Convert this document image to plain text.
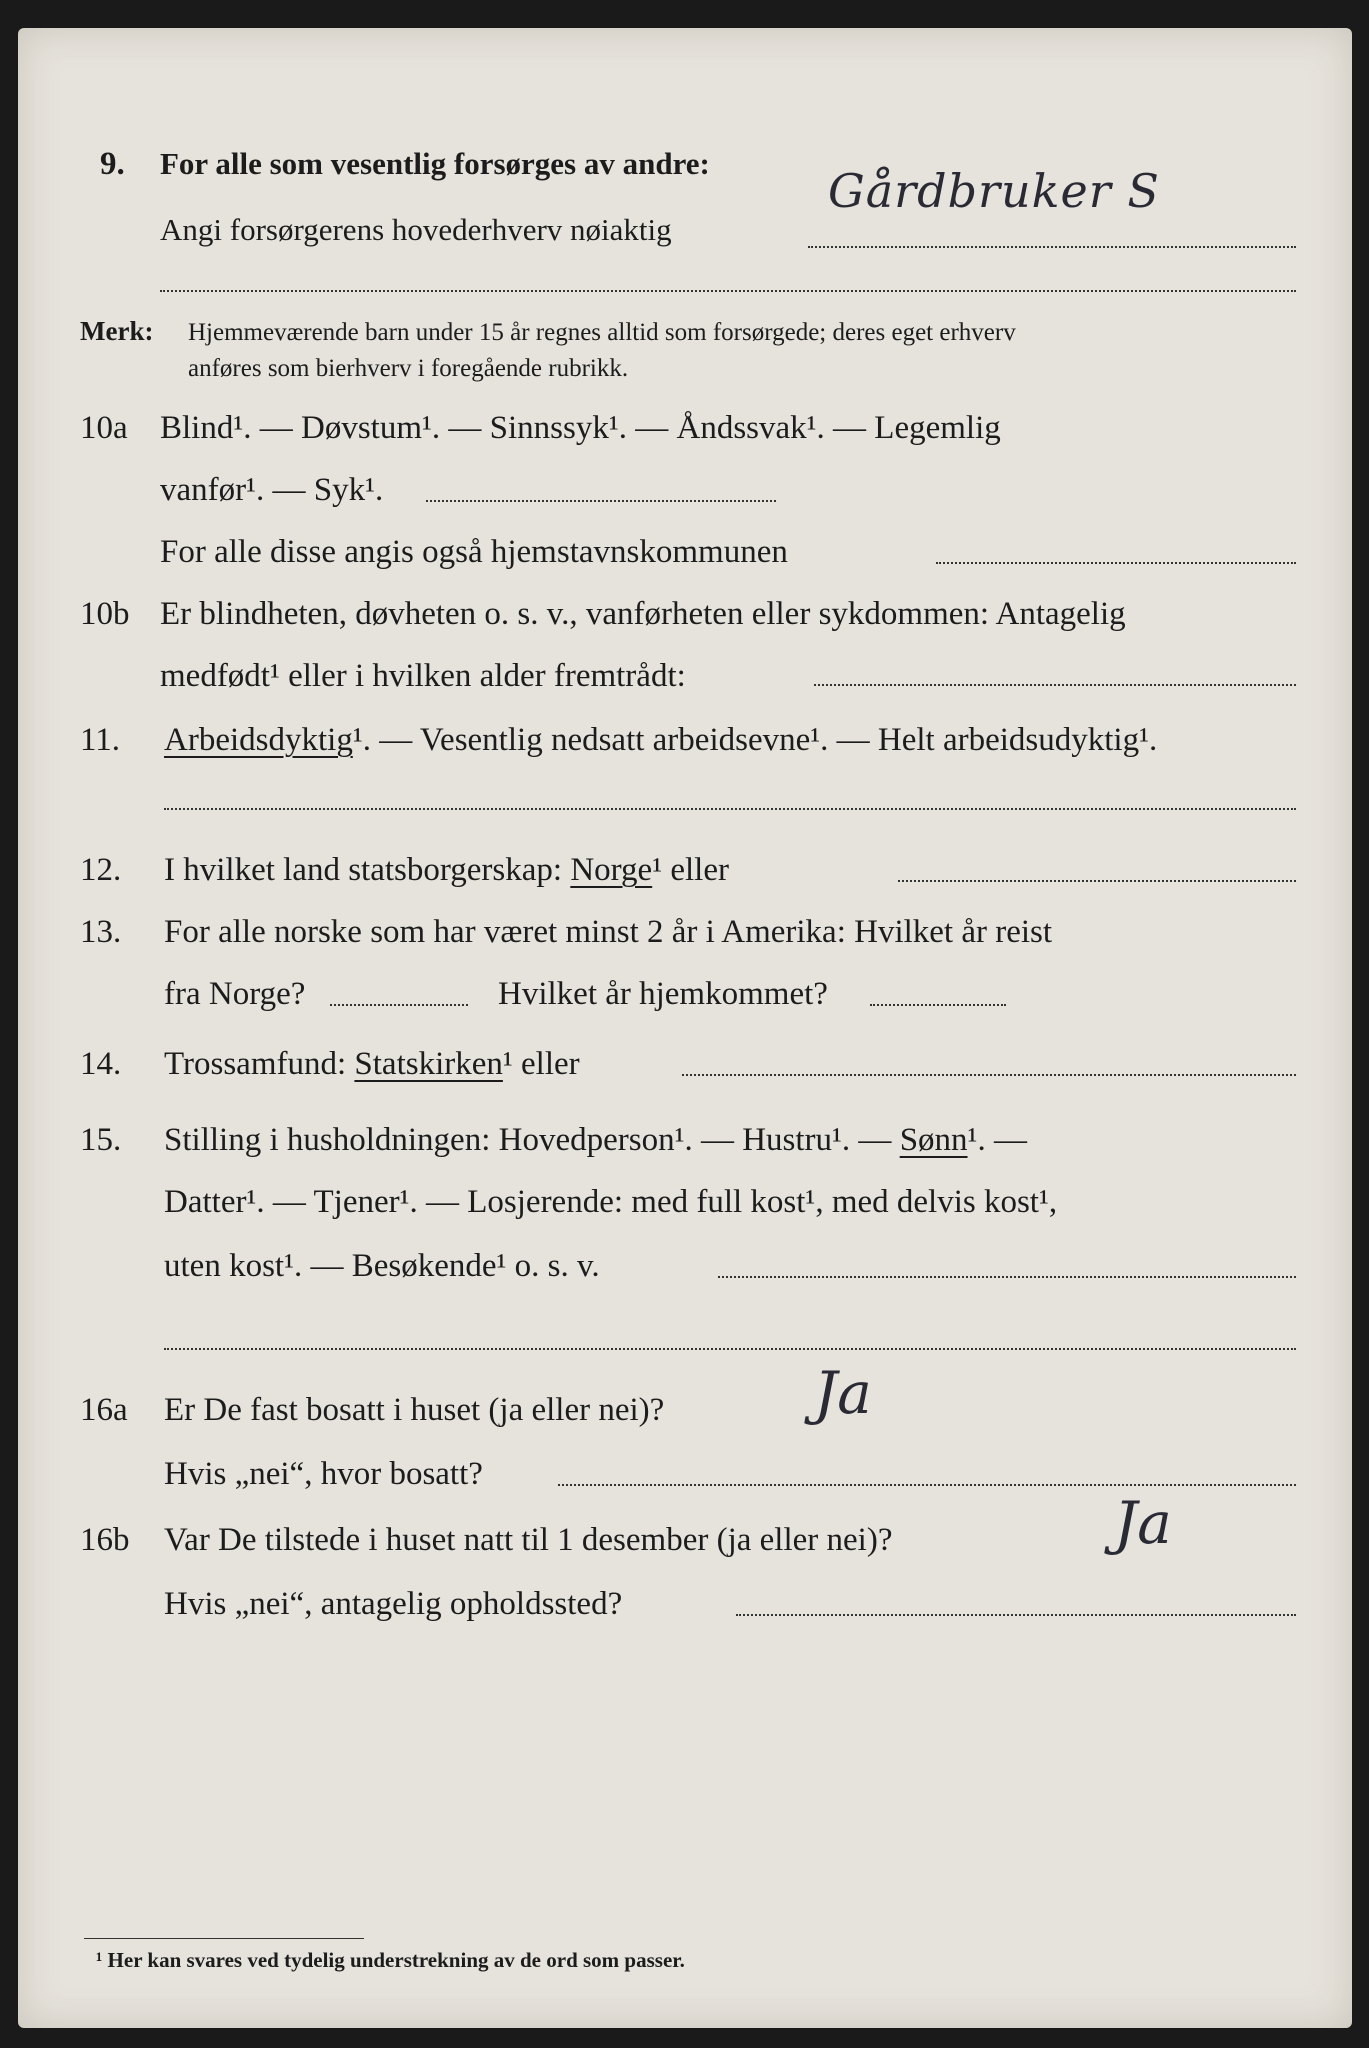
9. For alle som vesentlig forsørges av andre:
Angi forsørgerens hovederhverv nøiaktig
Gårdbruker S
Merk: Hjemmeværende barn under 15 år regnes alltid som forsørgede; deres eget erhverv
anføres som bierhverv i foregående rubrikk.
10a Blind¹. — Døvstum¹. — Sinnssyk¹. — Åndssvak¹. — Legemlig
vanfør¹. — Syk¹.
For alle disse angis også hjemstavnskommunen
10b Er blindheten, døvheten o. s. v., vanførheten eller sykdommen: Antagelig
medfødt¹ eller i hvilken alder fremtrådt:
11. Arbeidsdyktig¹. — Vesentlig nedsatt arbeidsevne¹. — Helt arbeidsudyktig¹.
12. I hvilket land statsborgerskap: Norge¹ eller
13. For alle norske som har været minst 2 år i Amerika: Hvilket år reist
fra Norge?	Hvilket år hjemkommet?
14. Trossamfund: Statskirken¹ eller
15. Stilling i husholdningen: Hovedperson¹. — Hustru¹. — Sønn¹. —
Datter¹. — Tjener¹. — Losjerende: med full kost¹, med delvis kost¹,
uten kost¹. — Besøkende¹ o. s. v.
16a Er De fast bosatt i huset (ja eller nei)?	Ja
Hvis „nei“, hvor bosatt?
16b Var De tilstede i huset natt til 1 desember (ja eller nei)?	Ja
Hvis „nei“, antagelig opholdssted?
¹ Her kan svares ved tydelig understrekning av de ord som passer.
